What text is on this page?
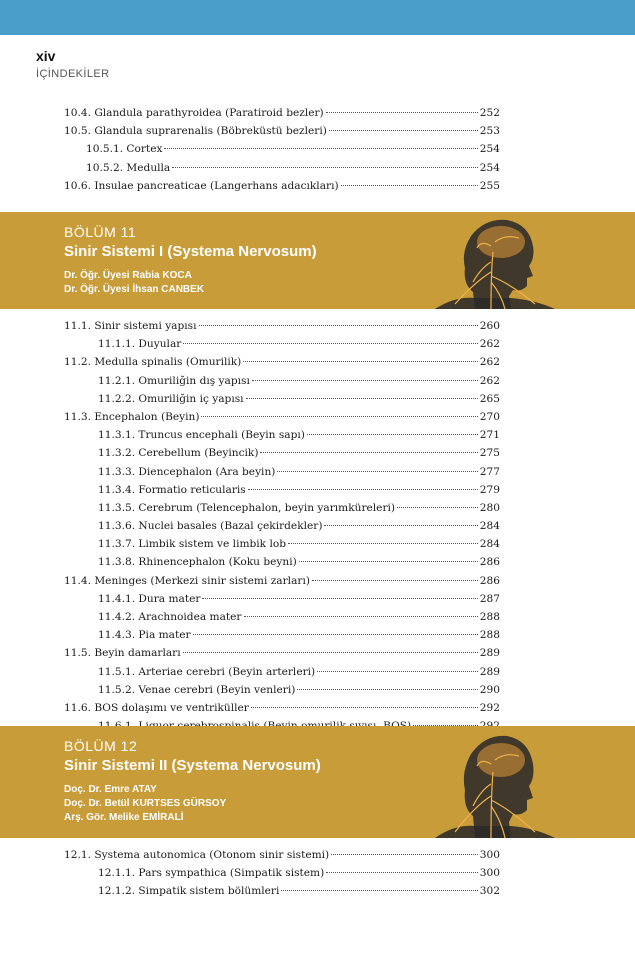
xiv
İÇİNDEKİLER
10.4. Glandula parathyroidea (Paratiroid bezler)	252
10.5. Glandula suprarenalis (Böbreküstü bezleri)	253
10.5.1. Cortex	254
10.5.2. Medulla	254
10.6. Insulae pancreaticae (Langerhans adacıkları)	255
BÖLÜM 11
Sinir Sistemi I (Systema Nervosum)
Dr. Öğr. Üyesi Rabia KOCA
Dr. Öğr. Üyesi İhsan CANBEK
11.1. Sinir sistemi yapısı	260
11.1.1. Duyular	262
11.2. Medulla spinalis (Omurilik)	262
11.2.1. Omuriliğin dış yapısı	262
11.2.2. Omuriliğin iç yapısı	265
11.3. Encephalon (Beyin)	270
11.3.1. Truncus encephali (Beyin sapı)	271
11.3.2. Cerebellum (Beyincik)	275
11.3.3. Diencephalon (Ara beyin)	277
11.3.4. Formatio reticularis	279
11.3.5. Cerebrum (Telencephalon, beyin yarımküreleri)	280
11.3.6. Nuclei basales (Bazal çekirdekler)	284
11.3.7. Limbik sistem ve limbik lob	284
11.3.8. Rhinencephalon (Koku beyni)	286
11.4. Meninges (Merkezi sinir sistemi zarları)	286
11.4.1. Dura mater	287
11.4.2. Arachnoidea mater	288
11.4.3. Pia mater	288
11.5. Beyin damarları	289
11.5.1. Arteriae cerebri (Beyin arterleri)	289
11.5.2. Venae cerebri (Beyin venleri)	290
11.6. BOS dolaşımı ve ventriküller	292
BÖLÜM 12
Sinir Sistemi II (Systema Nervosum)
Doç. Dr. Emre ATAY
Doç. Dr. Betül KURTSES GÜRSOY
Arş. Gör. Melike EMİRALİ
12.1. Systema autonomica (Otonom sinir sistemi)	300
12.1.1. Pars sympathica (Simpatik sistem)	300
12.1.2. Simpatik sistem bölümleri	302
